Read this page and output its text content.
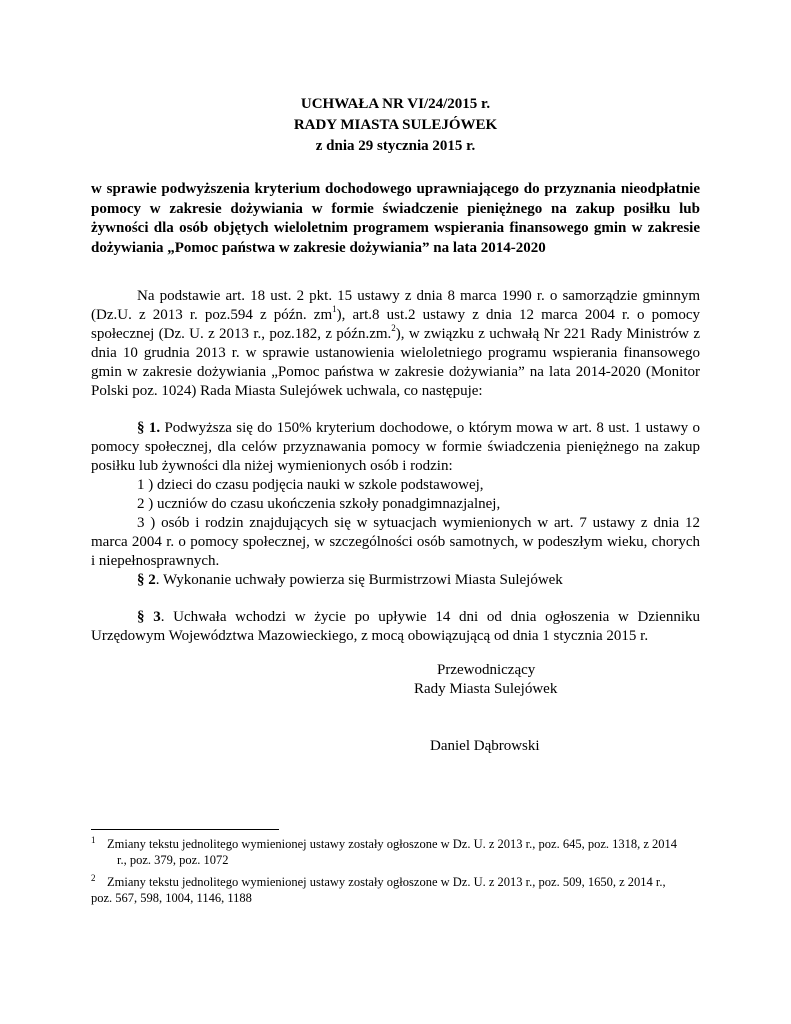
UCHWAŁA NR VI/24/2015 r.
RADY MIASTA SULEJÓWEK
z dnia 29 stycznia 2015 r.
w sprawie podwyższenia kryterium dochodowego uprawniającego do przyznania nieodpłatnie pomocy w zakresie dożywiania w formie świadczenie pieniężnego na zakup posiłku lub żywności dla osób objętych wieloletnim programem wspierania finansowego gmin w zakresie dożywiania „Pomoc państwa w zakresie dożywiania” na lata 2014-2020

Na podstawie art. 18 ust. 2 pkt. 15 ustawy z dnia 8 marca 1990 r. o samorządzie gminnym (Dz.U. z 2013 r. poz.594 z późn. $zm^1$), art.8 ust.2 ustawy z dnia 12 marca 2004 r. o pomocy społecznej (Dz. U. z 2013 r., poz.182, z późn.zm.$^2$), w związku z uchwałą Nr 221 Rady Ministrów z dnia 10 grudnia 2013 r. w sprawie ustanowienia wieloletniego programu wspierania finansowego gmin w zakresie dożywiania „Pomoc państwa w zakresie dożywiania” na lata 2014-2020 (Monitor Polski poz. 1024) Rada Miasta Sulejówek uchwala, co następuje:

§ 1. Podwyższa się do 150% kryterium dochodowe, o którym mowa w art. 8 ust. 1 ustawy o pomocy społecznej, dla celów przyznawania pomocy w formie świadczenia pieniężnego na zakup posiłku lub żywności dla niżej wymienionych osób i rodzin:

1 ) dzieci do czasu podjęcia nauki w szkole podstawowej,

2 ) uczniów do czasu ukończenia szkoły ponadgimnazjalnej,

3 ) osób i rodzin znajdujących się w sytuacjach wymienionych w art. 7 ustawy z dnia 12 marca 2004 r. o pomocy społecznej, w szczególności osób samotnych, w podeszłym wieku, chorych i niepełnosprawnych.

§ 2. Wykonanie uchwały powierza się Burmistrzowi Miasta Sulejówek

§ 3. Uchwała wchodzi w życie po upływie 14 dni od dnia ogłoszenia w Dzienniku Urzędowym Województwa Mazowieckiego, z mocą obowiązującą od dnia 1 stycznia 2015 r.

Przewodniczący
Rady Miasta Sulejówek
Daniel Dąbrowski
1 Zmiany tekstu jednolitego wymienionej ustawy zostały ogłoszone w Dz. U. z 2013 r., poz. 645, poz. 1318, z 2014
r., poz. 379, poz. 1072
2 Zmiany tekstu jednolitego wymienionej ustawy zostały ogłoszone w Dz. U. z 2013 r., poz. 509, 1650, z 2014 r.,
poz. 567, 598, 1004, 1146, 1188
